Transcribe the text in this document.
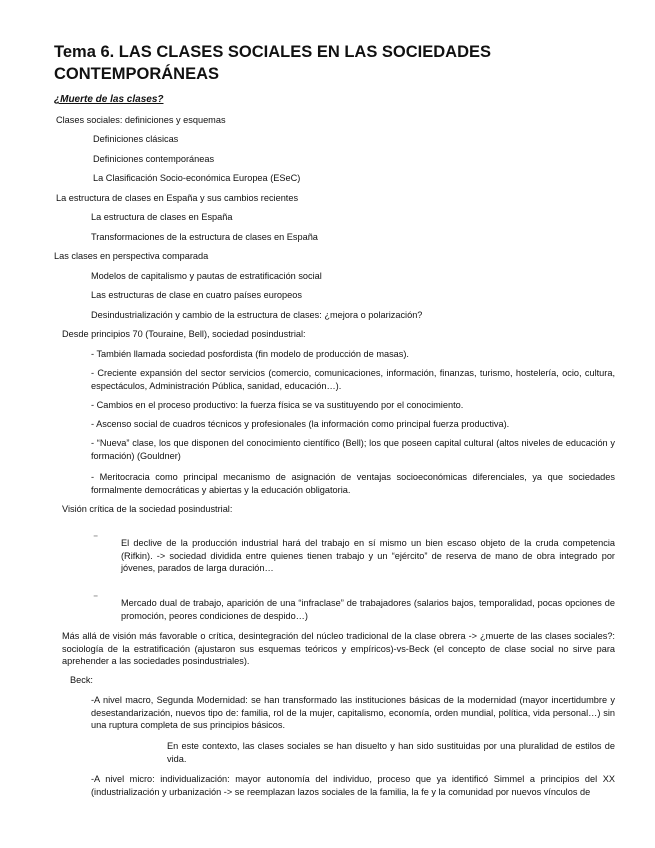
Tema 6. LAS CLASES SOCIALES EN LAS SOCIEDADES CONTEMPORÁNEAS
¿Muerte de las clases?
Clases sociales: definiciones y esquemas
Definiciones clásicas
Definiciones contemporáneas
La Clasificación Socio-económica Europea (ESeC)
La estructura de clases en España y sus cambios recientes
La estructura de clases en España
Transformaciones de la estructura de clases en España
Las clases en perspectiva comparada
Modelos de capitalismo y pautas de estratificación social
Las estructuras de clase en cuatro países europeos
Desindustrialización y cambio de la estructura de clases: ¿mejora o polarización?
Desde principios 70 (Touraine, Bell), sociedad posindustrial:
- También llamada sociedad posfordista (fin modelo de producción de masas).
- Creciente expansión del sector servicios (comercio, comunicaciones, información, finanzas, turismo, hostelería, ocio, cultura, espectáculos, Administración Pública, sanidad, educación…).
- Cambios en el proceso productivo: la fuerza física se va sustituyendo por el conocimiento.
- Ascenso social de cuadros técnicos y profesionales (la información como principal fuerza productiva).
- “Nueva” clase, los que disponen del conocimiento científico (Bell); los que poseen capital cultural (altos niveles de educación y formación) (Gouldner)
- Meritocracia como principal mecanismo de asignación de ventajas socioeconómicas diferenciales, ya que sociedades formalmente democráticas y abiertas y la educación obligatoria.
Visión crítica de la sociedad posindustrial:
⁻ El declive de la producción industrial hará del trabajo en sí mismo un bien escaso objeto de la cruda competencia (Rifkin). -> sociedad dividida entre quienes tienen trabajo y un “ejército” de reserva de mano de obra integrado por jóvenes, parados de larga duración…
⁻ Mercado dual de trabajo, aparición de una “infraclase” de trabajadores (salarios bajos, temporalidad, pocas opciones de promoción, peores condiciones de despido…)
Más allá de visión más favorable o crítica, desintegración del núcleo tradicional de la clase obrera -> ¿muerte de las clases sociales?: sociología de la estratificación (ajustaron sus esquemas teóricos y empíricos)-vs-Beck (el concepto de clase social no sirve para aprehender a las sociedades posindustriales).
Beck:
-A nivel macro, Segunda Modernidad: se han transformado las instituciones básicas de la modernidad (mayor incertidumbre y desestandarización, nuevos tipo de: familia, rol de la mujer, capitalismo, economía, orden mundial, política, vida personal…) sin una ruptura completa de sus principios básicos.
En este contexto, las clases sociales se han disuelto y han sido sustituidas por una pluralidad de estilos de vida.
-A nivel micro: individualización: mayor autonomía del individuo, proceso que ya identificó Simmel a principios del XX (industrialización y urbanización -> se reemplazan lazos sociales de la familia, la fe y la comunidad por nuevos vínculos de
